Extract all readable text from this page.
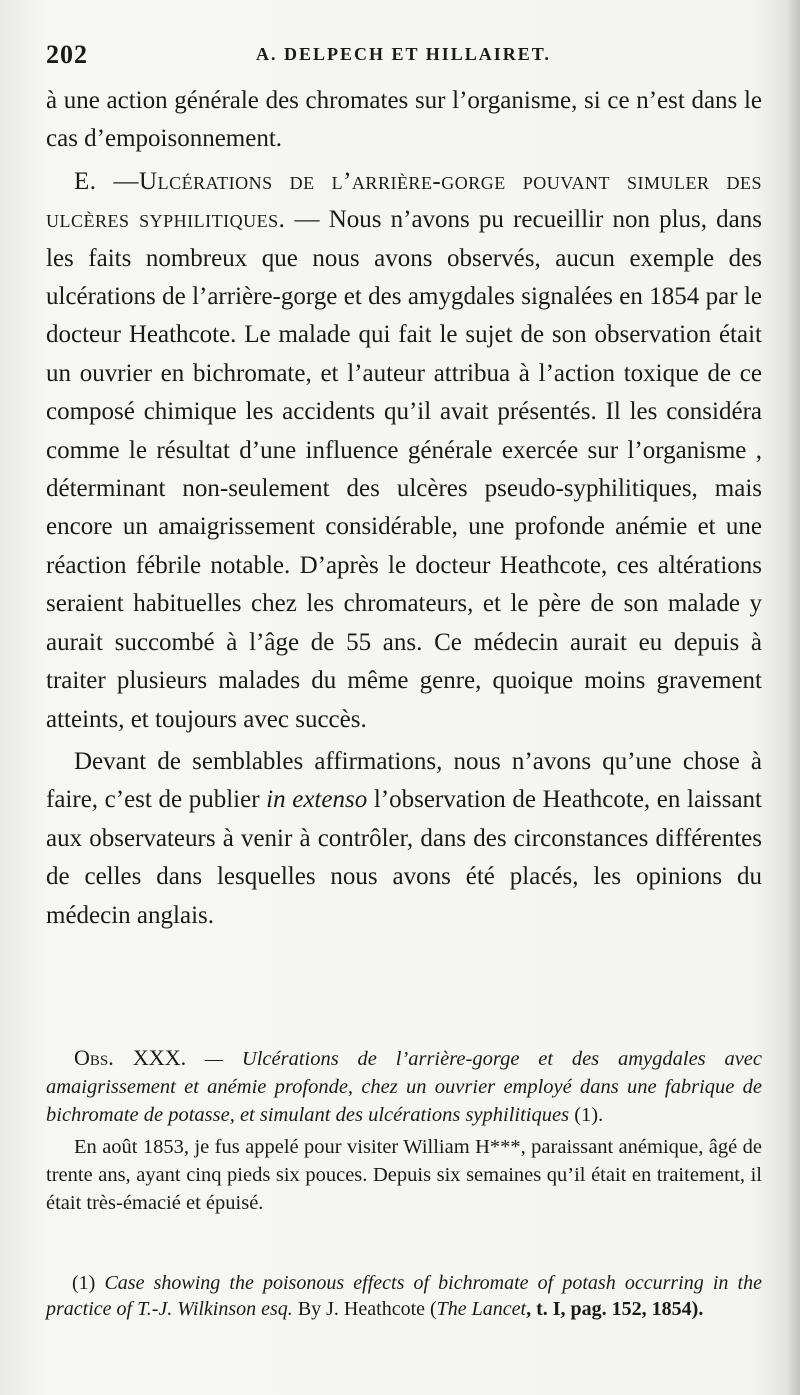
202	A. DELPECH ET HILLAIRET.

à une action générale des chromates sur l’organisme, si ce n’est dans le cas d’empoisonnement.

E. —Ulcérations de l’arrière-gorge pouvant simuler des ulcères syphilitiques. — Nous n’avons pu recueillir non plus, dans les faits nombreux que nous avons observés, aucun exemple des ulcérations de l’arrière-gorge et des amygdales signalées en 1854 par le docteur Heathcote. Le malade qui fait le sujet de son observation était un ouvrier en bichromate, et l’auteur attribua à l’action toxique de ce composé chimique les accidents qu’il avait présentés. Il les considéra comme le résultat d’une influence générale exercée sur l’organisme , déterminant non-seulement des ulcères pseudo-syphilitiques, mais encore un amaigrissement considérable, une profonde anémie et une réaction fébrile notable. D’après le docteur Heathcote, ces altérations seraient habituelles chez les chromateurs, et le père de son malade y aurait succombé à l’âge de 55 ans. Ce médecin aurait eu depuis à traiter plusieurs malades du même genre, quoique moins gravement atteints, et toujours avec succès.

Devant de semblables affirmations, nous n’avons qu’une chose à faire, c’est de publier in extenso l’observation de Heathcote, en laissant aux observateurs à venir à contrôler, dans des circonstances différentes de celles dans lesquelles nous avons été placés, les opinions du médecin anglais.

Obs. XXX. — Ulcérations de l’arrière-gorge et des amygdales avec amaigrissement et anémie profonde, chez un ouvrier employé dans une fabrique de bichromate de potasse, et simulant des ulcérations syphilitiques (1).

En août 1853, je fus appelé pour visiter William H***, paraissant anémique, âgé de trente ans, ayant cinq pieds six pouces. Depuis six semaines qu’il était en traitement, il était très-émacié et épuisé.

(1) Case showing the poisonous effects of bichromate of potash occurring in the practice of T.-J. Wilkinson esq. By J. Heathcote (The Lancet, t. I, pag. 152, 1854).
